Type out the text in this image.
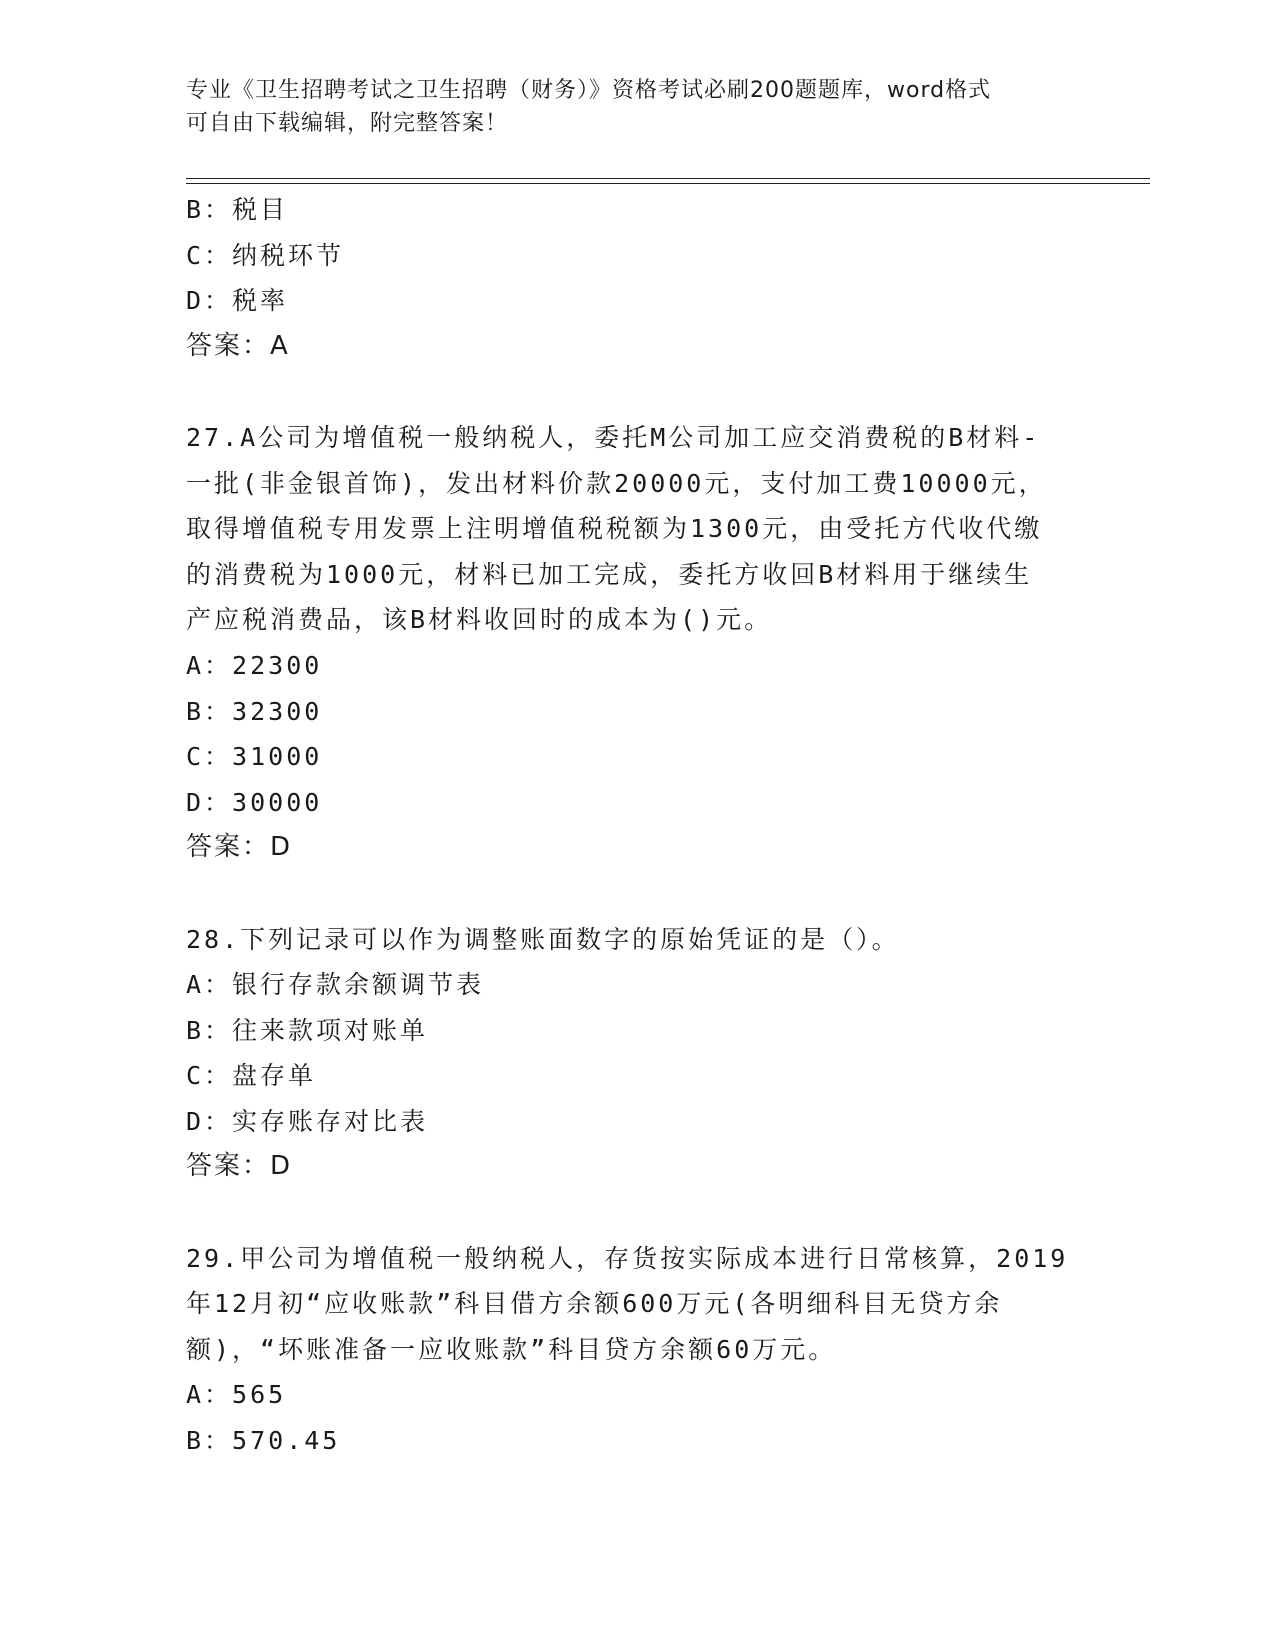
专业《卫生招聘考试之卫生招聘（财务）》资格考试必刷200题题库，word格式
可自由下载编辑，附完整答案！
B：税目
C：纳税环节
D：税率
答案：A
27.A公司为增值税一般纳税人，委托M公司加工应交消费税的B材料-
一批(非金银首饰)，发出材料价款20000元，支付加工费10000元，
取得增值税专用发票上注明增值税税额为1300元，由受托方代收代缴
的消费税为1000元，材料已加工完成，委托方收回B材料用于继续生
产应税消费品，该B材料收回时的成本为()元。
A：22300
B：32300
C：31000
D：30000
答案：D
28.下列记录可以作为调整账面数字的原始凭证的是（）。
A：银行存款余额调节表
B：往来款项对账单
C：盘存单
D：实存账存对比表
答案：D
29.甲公司为增值税一般纳税人，存货按实际成本进行日常核算，2019
年12月初“应收账款”科目借方余额600万元(各明细科目无贷方余
额)，“坏账准备一应收账款”科目贷方余额60万元。
A：565
B：570.45
